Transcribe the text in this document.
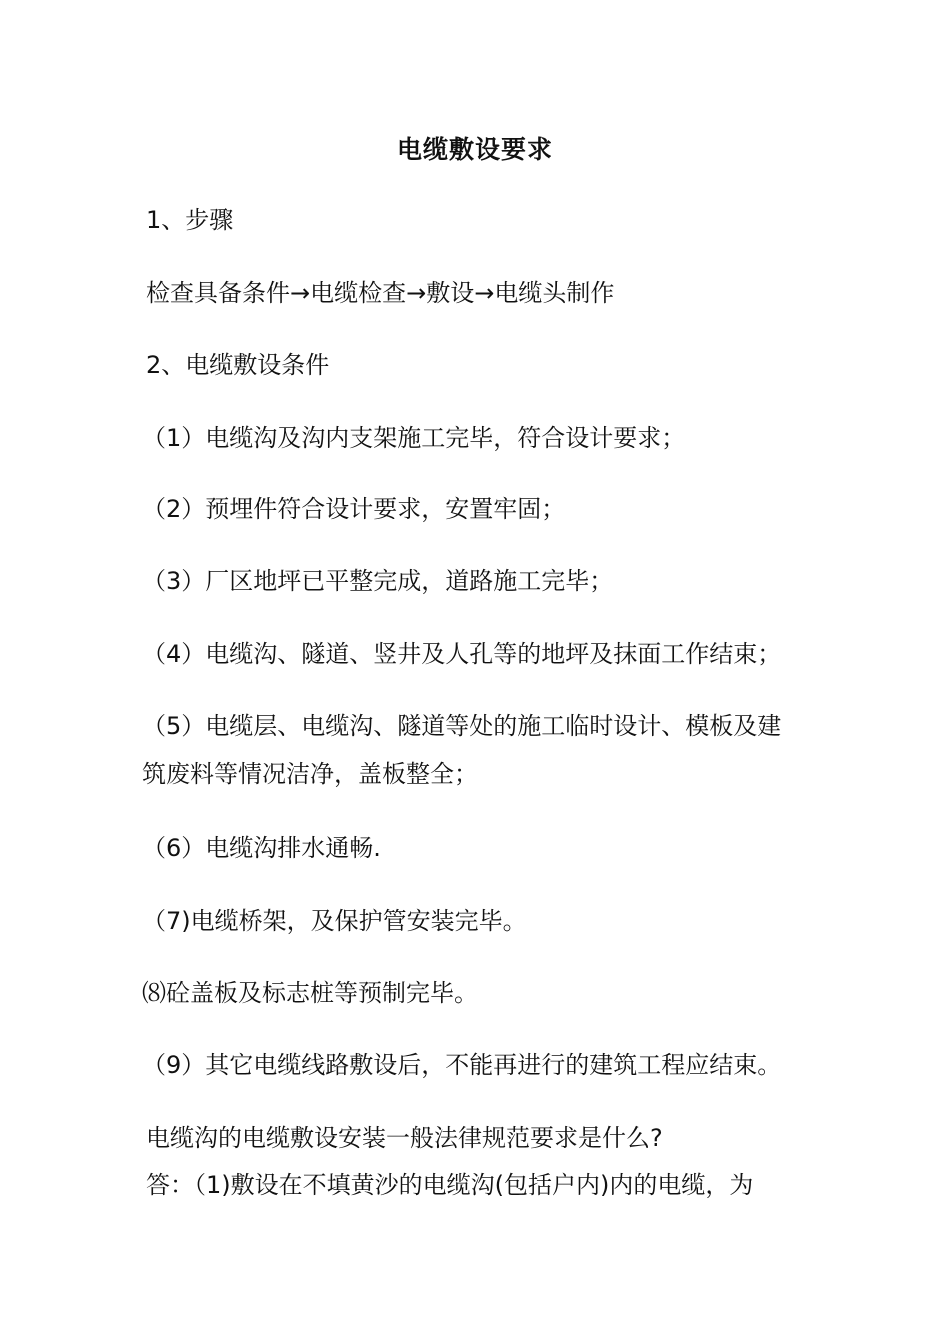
电缆敷设要求
1、步骤
检查具备条件→电缆检查→敷设→电缆头制作
2、电缆敷设条件
（1）电缆沟及沟内支架施工完毕，符合设计要求；
（2）预埋件符合设计要求，安置牢固；
（3）厂区地坪已平整完成，道路施工完毕；
（4）电缆沟、隧道、竖井及人孔等的地坪及抹面工作结束；
（5）电缆层、电缆沟、隧道等处的施工临时设计、模板及建筑废料等情况洁净，盖板整全；
（6）电缆沟排水通畅.
（7)电缆桥架，及保护管安装完毕。
⑻砼盖板及标志桩等预制完毕。
（9）其它电缆线路敷设后，不能再进行的建筑工程应结束。
电缆沟的电缆敷设安装一般法律规范要求是什么?
答：（1)敷设在不填黄沙的电缆沟(包括户内)内的电缆，为
